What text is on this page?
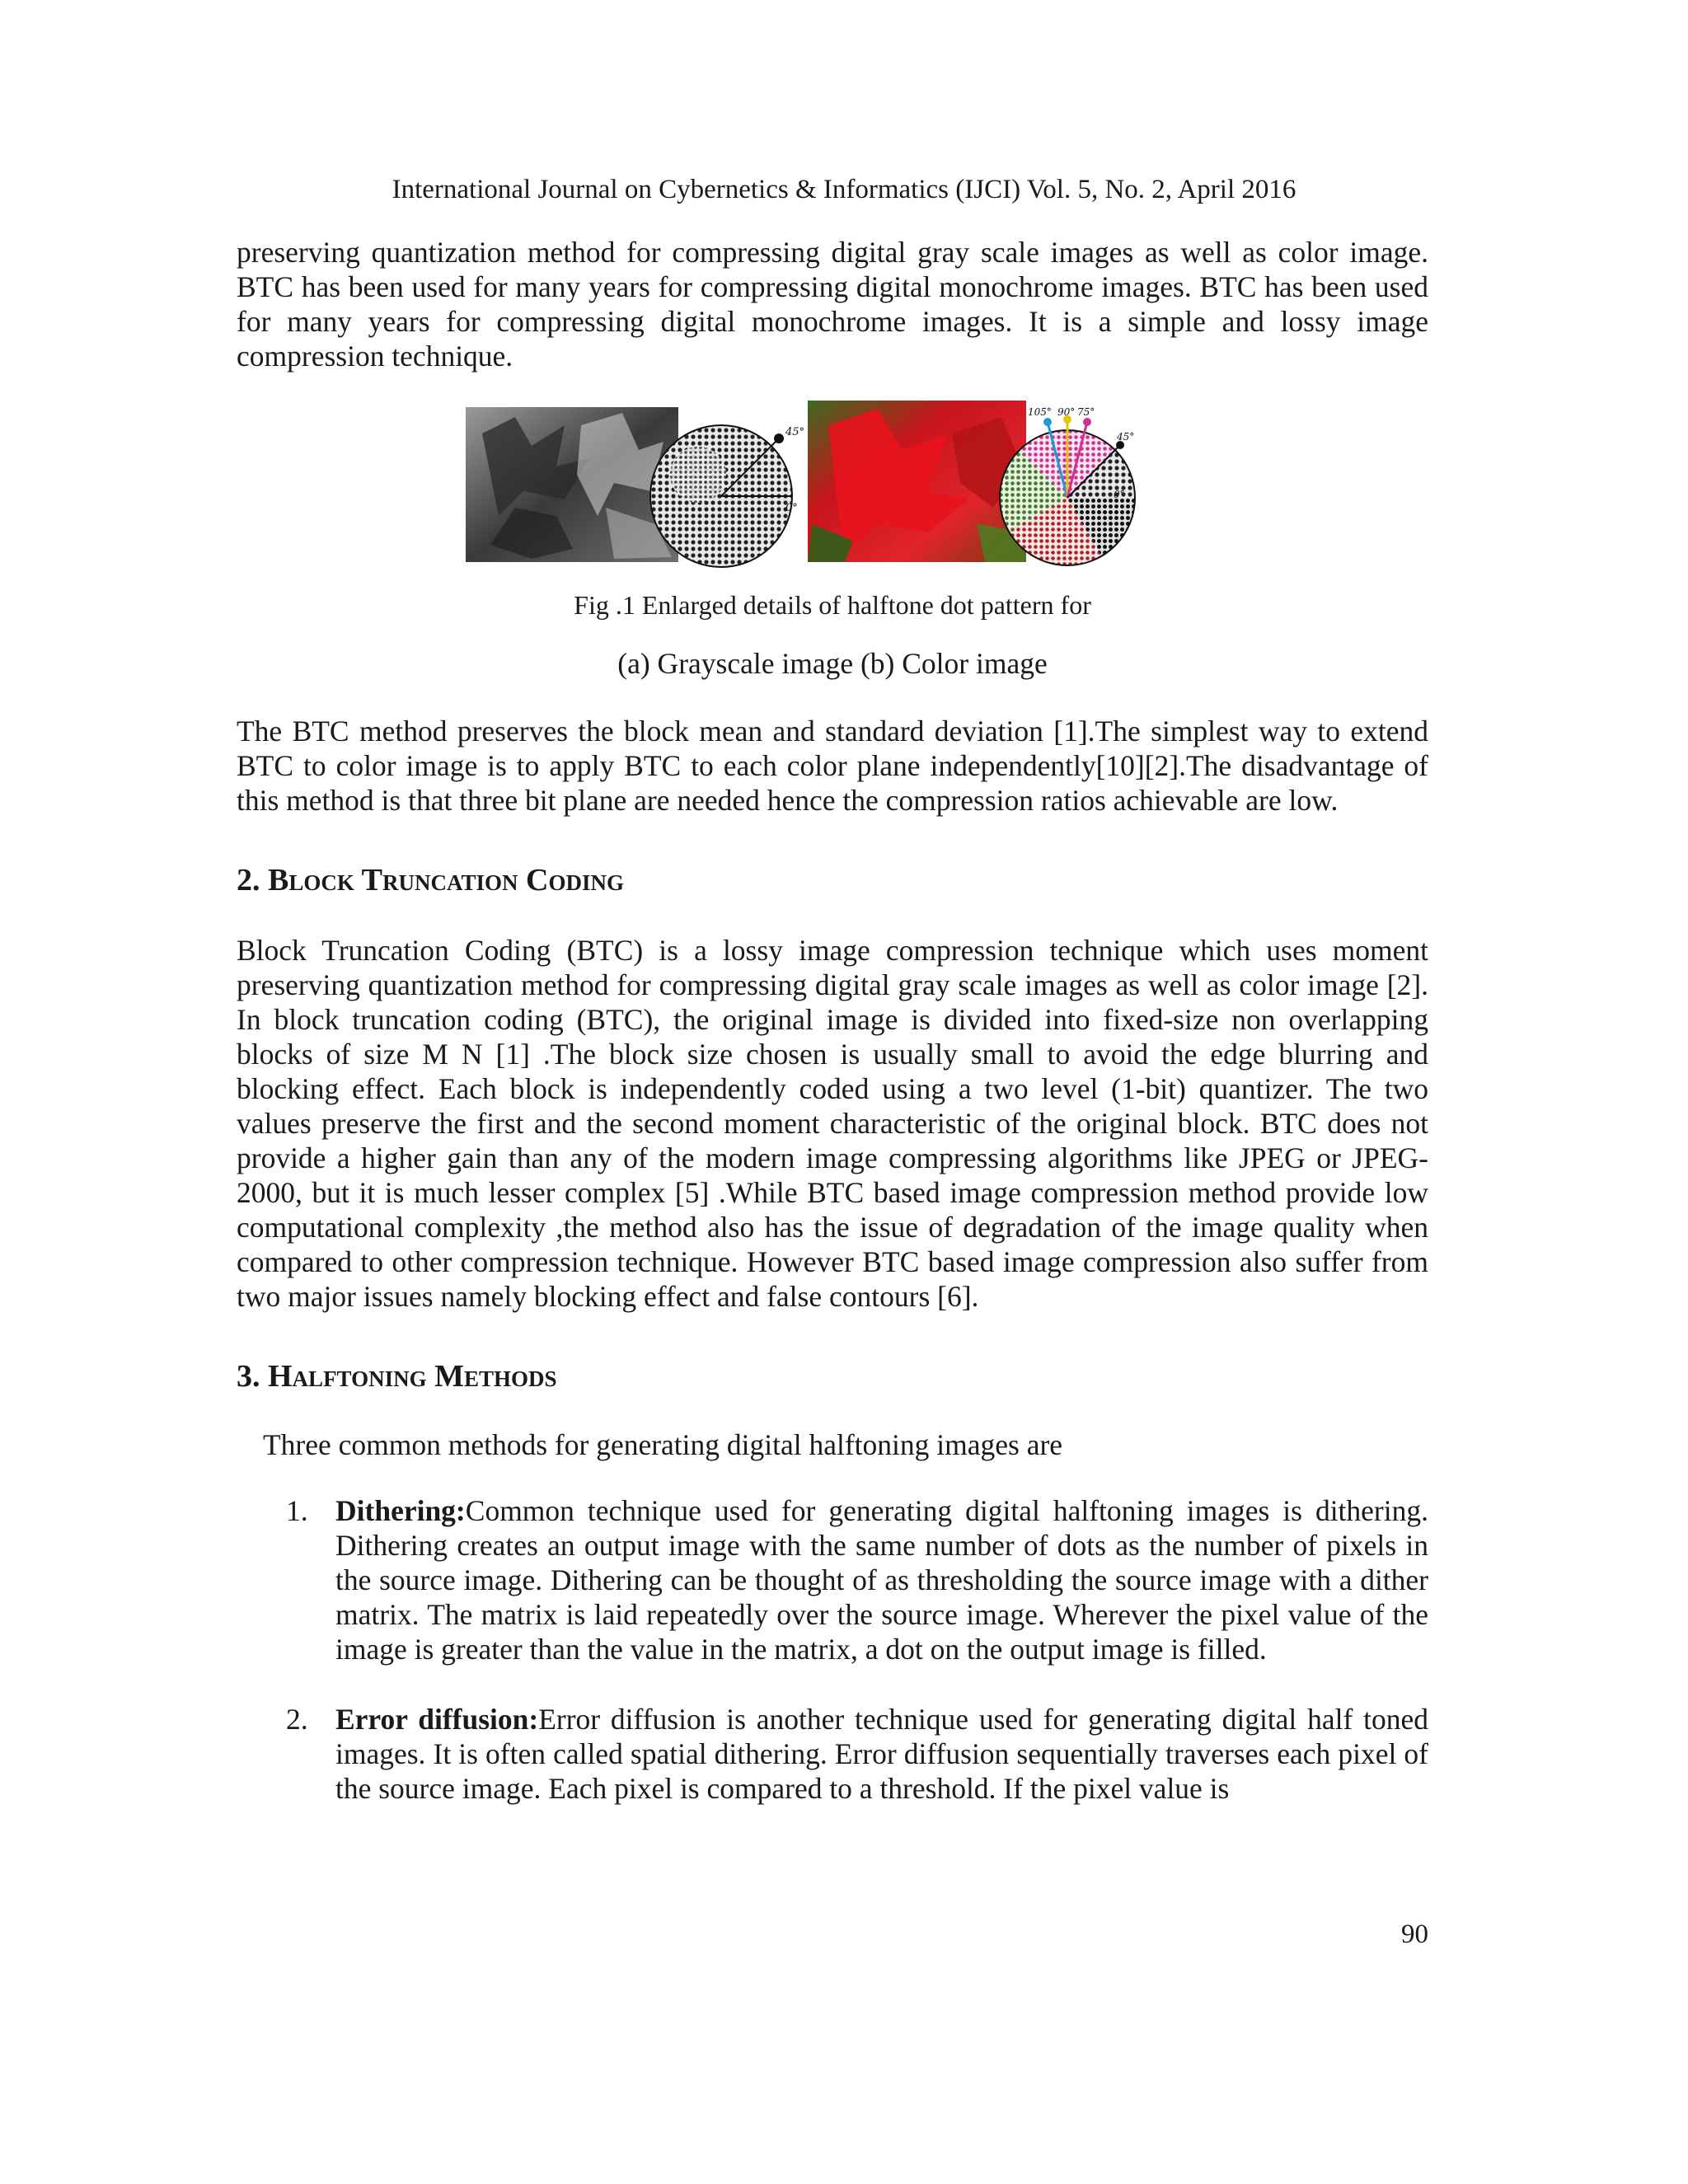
International Journal on Cybernetics & Informatics (IJCI) Vol. 5, No. 2, April 2016

preserving quantization method for compressing digital gray scale images as well as color image. BTC has been used for many years for compressing digital monochrome images. BTC has been used for many years for compressing digital monochrome images. It is a simple and lossy image compression technique.

45°
0°
105° 90° 75°
45°
0°

Fig .1 Enlarged details of halftone dot pattern for

(a) Grayscale image (b) Color image

The BTC method preserves the block mean and standard deviation [1].The simplest way to extend BTC to color image is to apply BTC to each color plane independently[10][2].The disadvantage of this method is that three bit plane are needed hence the compression ratios achievable are low.

2. Block Truncation Coding

Block Truncation Coding (BTC) is a lossy image compression technique which uses moment preserving quantization method for compressing digital gray scale images as well as color image [2]. In block truncation coding (BTC), the original image is divided into fixed-size non overlapping blocks of size M N [1] .The block size chosen is usually small to avoid the edge blurring and blocking effect. Each block is independently coded using a two level (1-bit) quantizer. The two values preserve the first and the second moment characteristic of the original block. BTC does not provide a higher gain than any of the modern image compressing algorithms like JPEG or JPEG-2000, but it is much lesser complex [5] .While BTC based image compression method provide low computational complexity ,the method also has the issue of degradation of the image quality when compared to other compression technique. However BTC based image compression also suffer from two major issues namely blocking effect and false contours [6].

3. Halftoning Methods

Three common methods for generating digital halftoning images are

1. Dithering:Common technique used for generating digital halftoning images is dithering. Dithering creates an output image with the same number of dots as the number of pixels in the source image. Dithering can be thought of as thresholding the source image with a dither matrix. The matrix is laid repeatedly over the source image. Wherever the pixel value of the image is greater than the value in the matrix, a dot on the output image is filled.

2. Error diffusion:Error diffusion is another technique used for generating digital half toned images. It is often called spatial dithering. Error diffusion sequentially traverses each pixel of the source image. Each pixel is compared to a threshold. If the pixel value is

90
